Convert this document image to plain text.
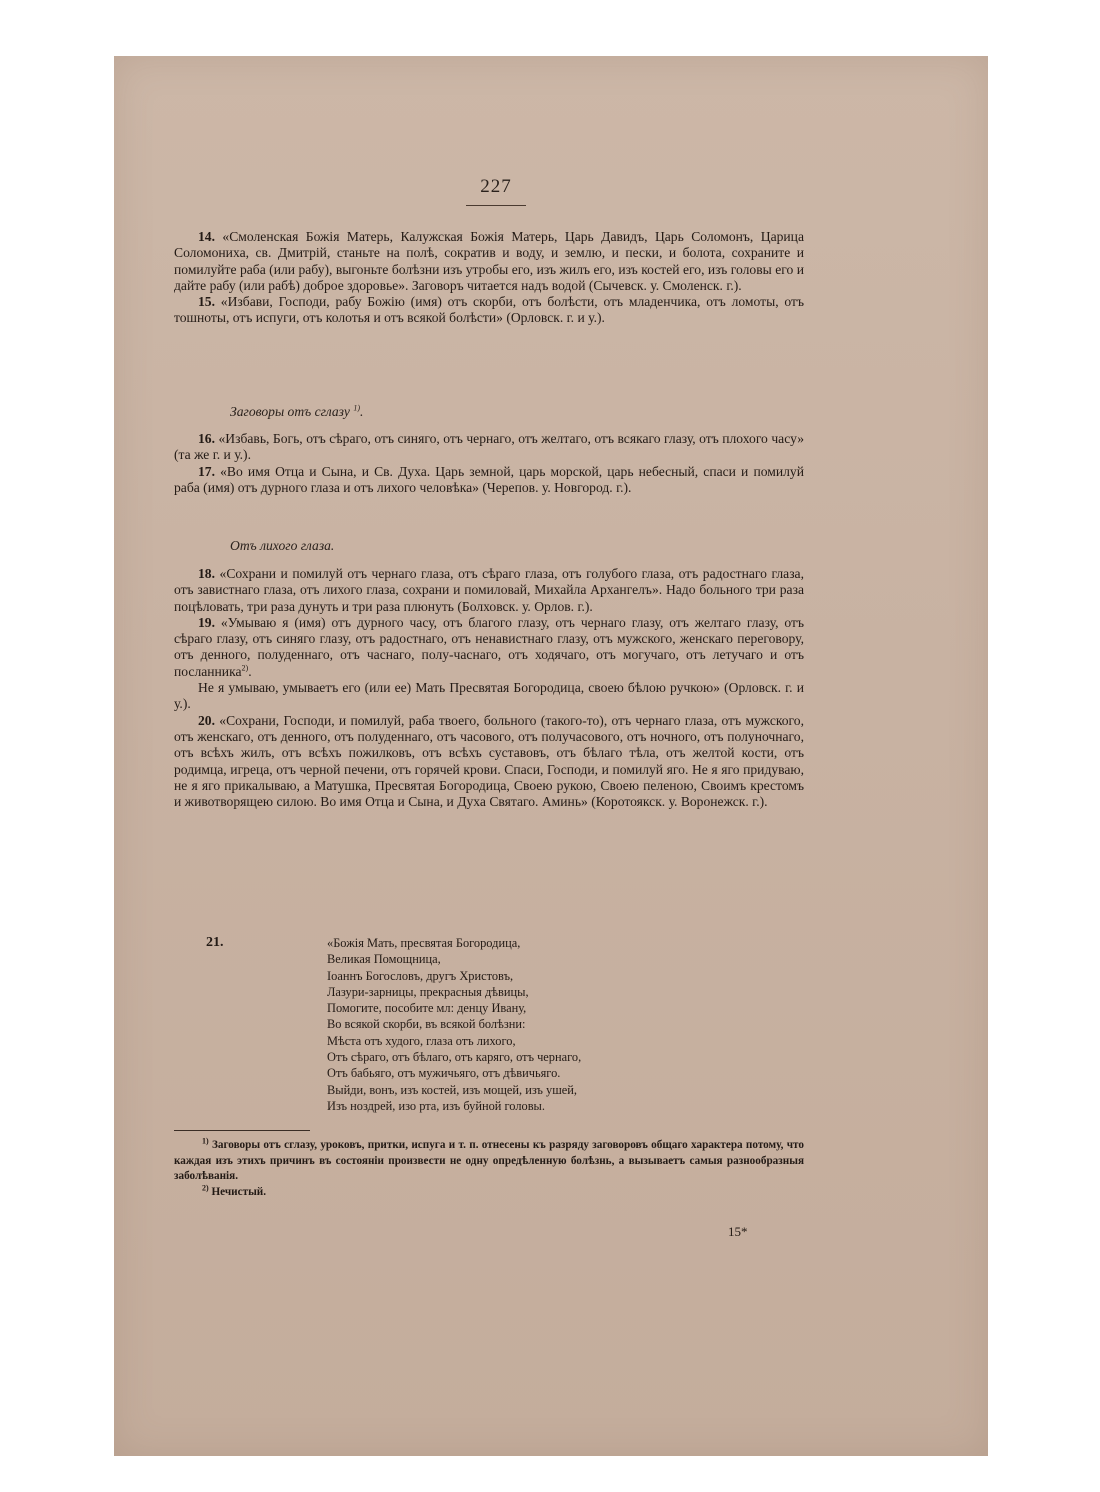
227

14. «Смоленская Божія Матерь, Калужская Божія Матерь, Царь Давидъ, Царь Соломонъ, Царица Соломониха, св. Дмитрій, станьте на полѣ, сократив и воду, и землю, и пески, и болота, сохраните и помилуйте раба (или рабу), выгоньте болѣзни изъ утробы его, изъ жилъ его, изъ костей его, изъ головы его и дайте рабу (или рабѣ) доброе здоровье». Заговоръ читается надъ водой (Сычевск. у. Смоленск. г.).

15. «Избави, Господи, рабу Божію (имя) отъ скорби, отъ болѣсти, отъ младенчика, отъ ломоты, отъ тошноты, отъ испуги, отъ колотья и отъ всякой болѣсти» (Орловск. г. и у.).

Заговоры отъ сглазу $^{1)}$.

16. «Избавь, Богь, отъ сѣраго, отъ синяго, отъ чернаго, отъ желтаго, отъ всякаго глазу, отъ плохого часу» (та же г. и у.).

17. «Во имя Отца и Сына, и Св. Духа. Царь земной, царь морской, царь небесный, спаси и помилуй раба (имя) отъ дурного глаза и отъ лихого человѣка» (Черепов. у. Новгород. г.).

Отъ лихого глаза.

18. «Сохрани и помилуй отъ чернаго глаза, отъ сѣраго глаза, отъ голубого глаза, отъ радостнаго глаза, отъ завистнаго глаза, отъ лихого глаза, сохрани и помиловай, Михайла Архангелъ». Надо больного три раза поцѣловать, три раза дунуть и три раза плюнуть (Болховск. у. Орлов. г.).

19. «Умываю я (имя) отъ дурного часу, отъ благого глазу, отъ чернаго глазу, отъ желтаго глазу, отъ сѣраго глазу, отъ синяго глазу, отъ радостнаго, отъ ненавистнаго глазу, отъ мужского, женскаго переговору, отъ денного, полуденнаго, отъ часнаго, полу-часнаго, отъ ходячаго, отъ могучаго, отъ летучаго и отъ посланника$^{2)}$.

Не я умываю, умываетъ его (или ее) Мать Пресвятая Богородица, своею бѣлою ручкою» (Орловск. г. и у.).

20. «Сохрани, Господи, и помилуй, раба твоего, больного (такого-то), отъ чернаго глаза, отъ мужского, отъ женскаго, отъ денного, отъ полуденнаго, отъ часового, отъ получасового, отъ ночного, отъ полуночнаго, отъ всѣхъ жилъ, отъ всѣхъ пожилковъ, отъ всѣхъ суставовъ, отъ бѣлаго тѣла, отъ желтой кости, отъ родимца, игреца, отъ черной печени, отъ горячей крови. Спаси, Господи, и помилуй яго. Не я яго придуваю, не я яго прикалываю, а Матушка, Пресвятая Богородица, Своею рукою, Своею пеленою, Своимъ крестомъ и животворящею силою. Во имя Отца и Сына, и Духа Святаго. Аминь» (Коротоякск. у. Воронежск. г.).

21.	«Божія Мать, пресвятая Богородица,
Великая Помощница,
Іоаннъ Богословъ, другъ Христовъ,
Лазури-зарницы, прекрасныя дѣвицы,
Помогите, пособите мл: денцу Ивану,
Во всякой скорби, въ всякой болѣзни:
Мѣста отъ худого, глаза отъ лихого,
Отъ сѣраго, отъ бѣлаго, отъ каряго, отъ чернаго,
Отъ бабьяго, отъ мужичьяго, отъ дѣвичьяго.
Выйди, вонъ, изъ костей, изъ мощей, изъ ушей,
Изъ ноздрей, изо рта, изъ буйной головы.

$^{1)}$ Заговоры отъ сглазу, уроковъ, притки, испуга и т. п. отнесены къ разряду заговоровъ общаго характера потому, что каждая изъ этихъ причинъ въ состояніи произвести не одну опредѣленную болѣзнь, а вызываетъ самыя разнообразныя заболѣванія.

$^{2)}$ Нечистый.

15*
